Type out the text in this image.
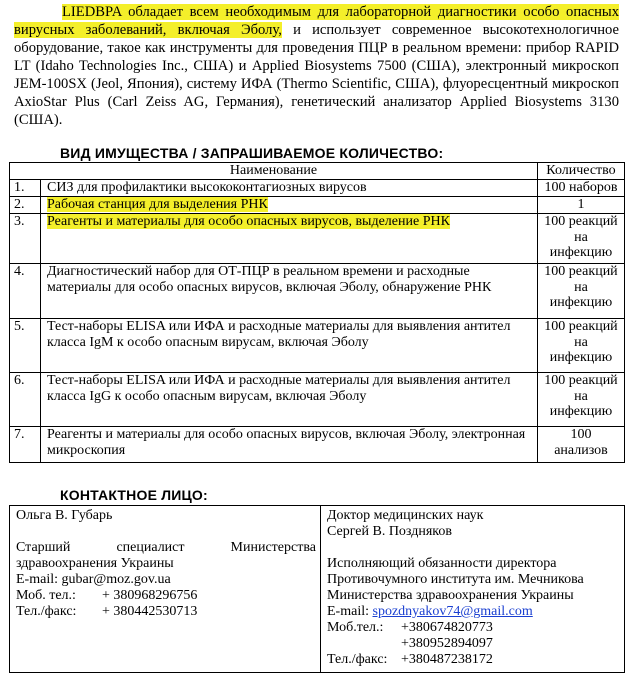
LIEDBPA обладает всем необходимым для лабораторной диагностики особо опасных вирусных заболеваний, включая Эболу, и использует современное высокотехнологичное оборудование, такое как инструменты для проведения ПЦР в реальном времени: прибор RAPID LT (Idaho Technologies Inc., США) и Applied Biosystems 7500 (США), электронный микроскоп JEM-100SX (Jeol, Япония), систему ИФА (Thermo Scientific, США), флуоресцентный микроскоп AxioStar Plus (Carl Zeiss AG, Германия), генетический анализатор Applied Biosystems 3130 (США).

ВИД ИМУЩЕСТВА / ЗАПРАШИВАЕМОЕ КОЛИЧЕСТВО:
Наименование		Количество
1.	СИЗ для профилактики высококонтагиозных вирусов	100 наборов
2.	Рабочая станция для выделения РНК	1
3.	Реагенты и материалы для особо опасных вирусов, выделение РНК	100 реакций на инфекцию
4.	Диагностический набор для ОТ-ПЦР в реальном времени и расходные материалы для особо опасных вирусов, включая Эболу, обнаружение РНК	100 реакций на инфекцию
5.	Тест-наборы ELISA или ИФА и расходные материалы для выявления антител класса IgM к особо опасным вирусам, включая Эболу	100 реакций на инфекцию
6.	Тест-наборы ELISA или ИФА и расходные материалы для выявления антител класса IgG к особо опасным вирусам, включая Эболу	100 реакций на инфекцию
7.	Реагенты и материалы для особо опасных вирусов, включая Эболу, электронная микроскопия	100 анализов
КОНТАКТНОЕ ЛИЦО:
Ольга В. Губарь
Старший	специалист	Министерства
здравоохранения Украины
E-mail: gubar@moz.gov.ua
Моб. тел.: + 380968296756
Тел./факс: + 380442530713

Доктор медицинских наук
Сергей В. Поздняков
Исполняющий обязанности директора
Противочумного института им. Мечникова
Министерства здравоохранения Украины
E-mail: spozdnyakov74@gmail.com
Моб.тел.: +380674820773
+380952894097
Тел./факс: +380487238172
